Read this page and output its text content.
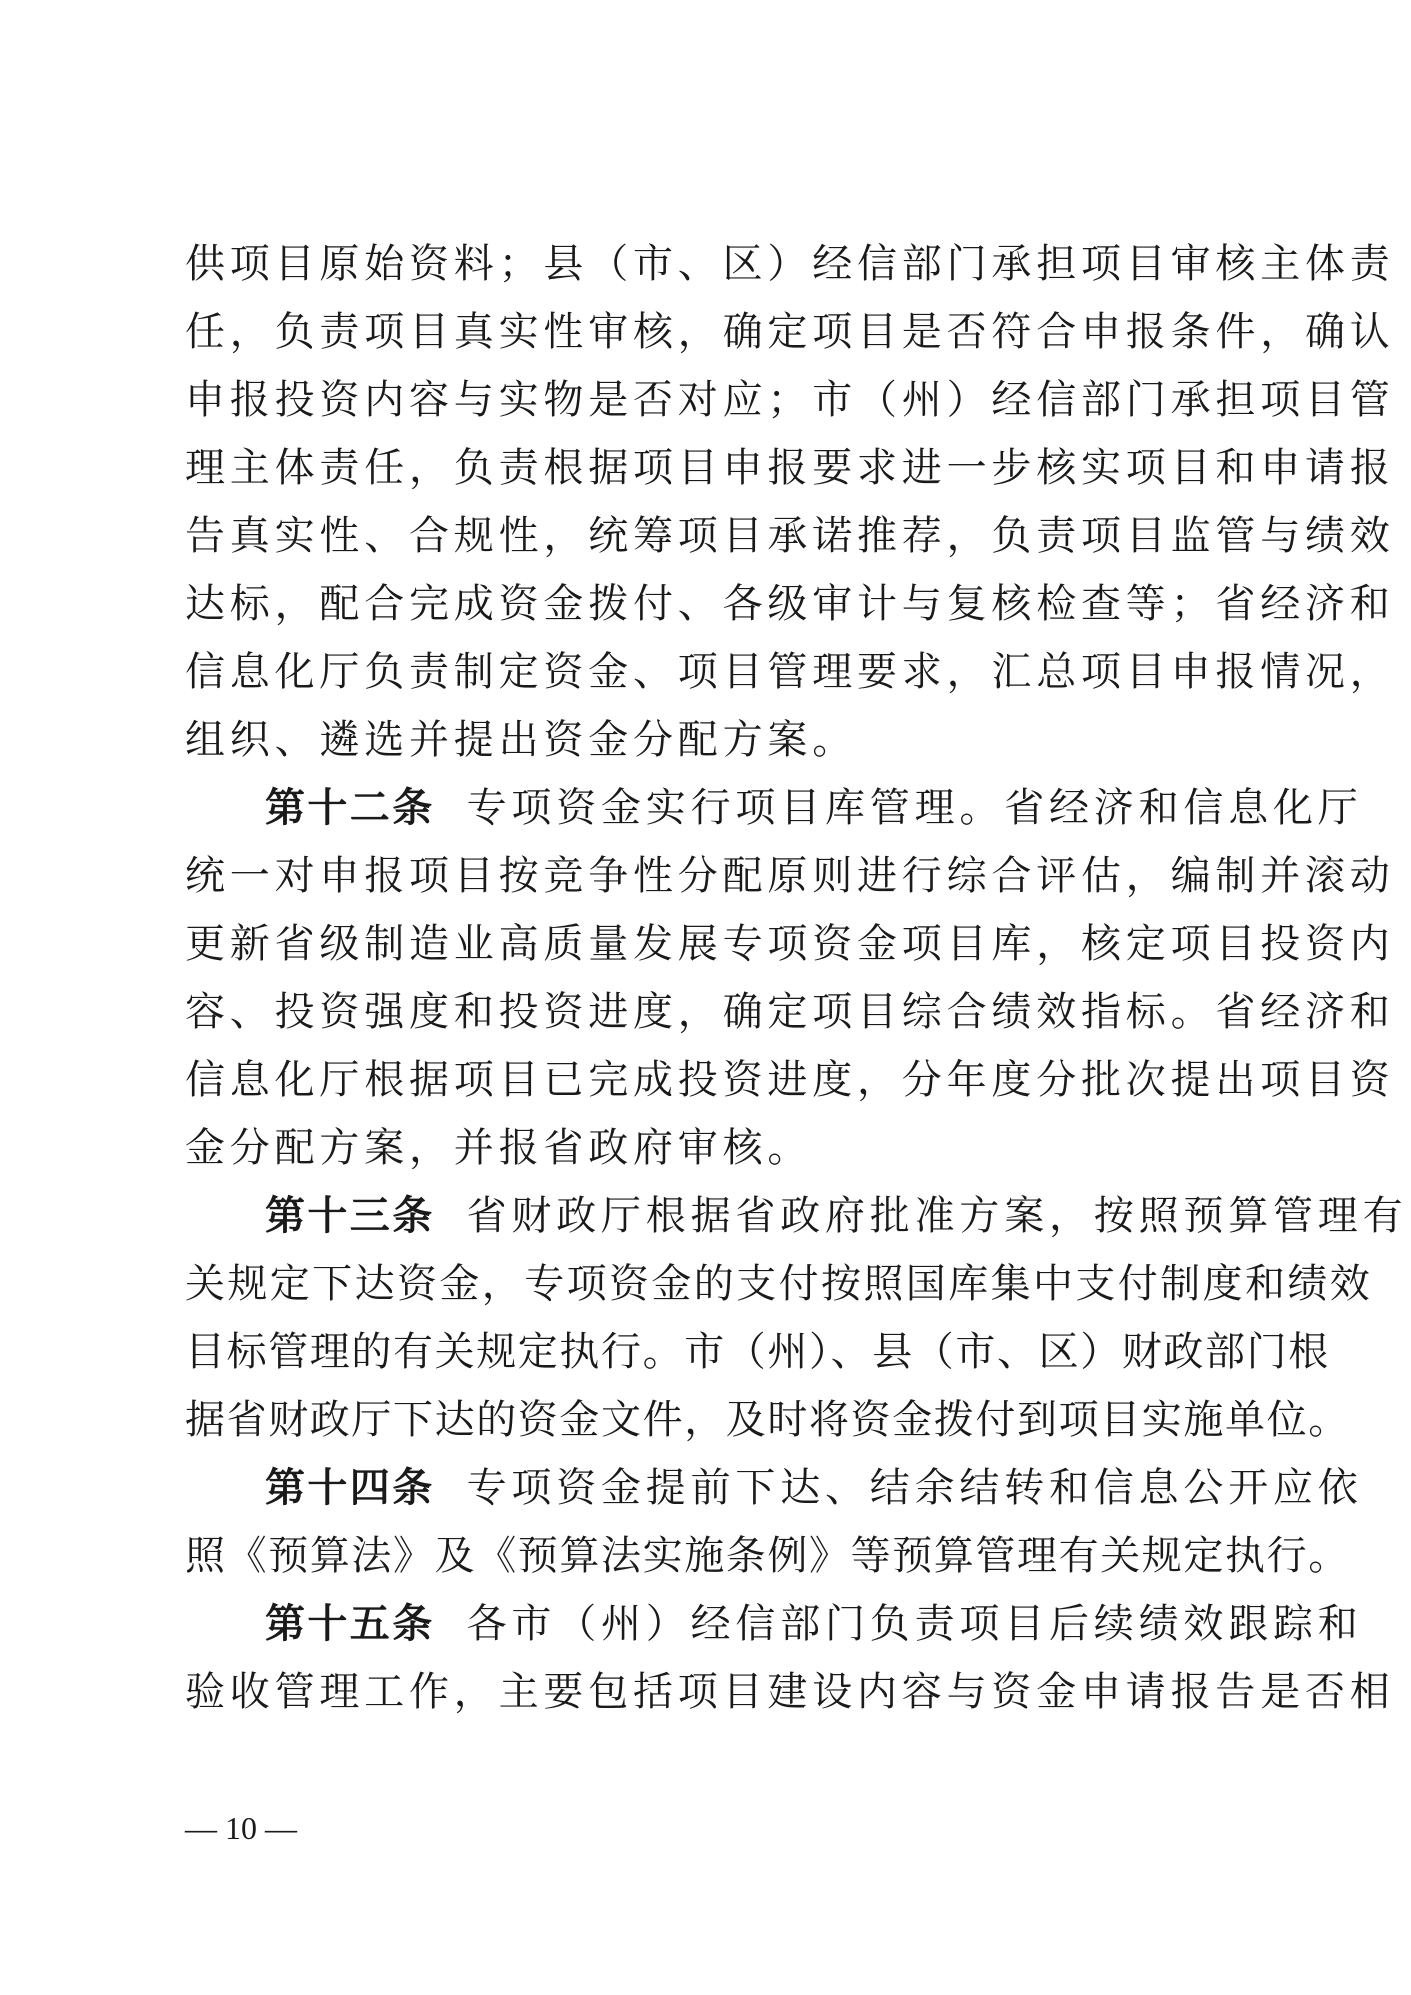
供项目原始资料；县（市、区）经信部门承担项目审核主体责
任，负责项目真实性审核，确定项目是否符合申报条件，确认
申报投资内容与实物是否对应；市（州）经信部门承担项目管
理主体责任，负责根据项目申报要求进一步核实项目和申请报
告真实性、合规性，统筹项目承诺推荐，负责项目监管与绩效
达标，配合完成资金拨付、各级审计与复核检查等；省经济和
信息化厅负责制定资金、项目管理要求，汇总项目申报情况，
组织、遴选并提出资金分配方案。
第十二条 专项资金实行项目库管理。省经济和信息化厅
统一对申报项目按竞争性分配原则进行综合评估，编制并滚动
更新省级制造业高质量发展专项资金项目库，核定项目投资内
容、投资强度和投资进度，确定项目综合绩效指标。省经济和
信息化厅根据项目已完成投资进度，分年度分批次提出项目资
金分配方案，并报省政府审核。
第十三条 省财政厅根据省政府批准方案，按照预算管理有
关规定下达资金，专项资金的支付按照国库集中支付制度和绩效
目标管理的有关规定执行。市（州）、县（市、区）财政部门根
据省财政厅下达的资金文件，及时将资金拨付到项目实施单位。
第十四条 专项资金提前下达、结余结转和信息公开应依
照《预算法》及《预算法实施条例》等预算管理有关规定执行。
第十五条 各市（州）经信部门负责项目后续绩效跟踪和
验收管理工作，主要包括项目建设内容与资金申请报告是否相
— 10 —
